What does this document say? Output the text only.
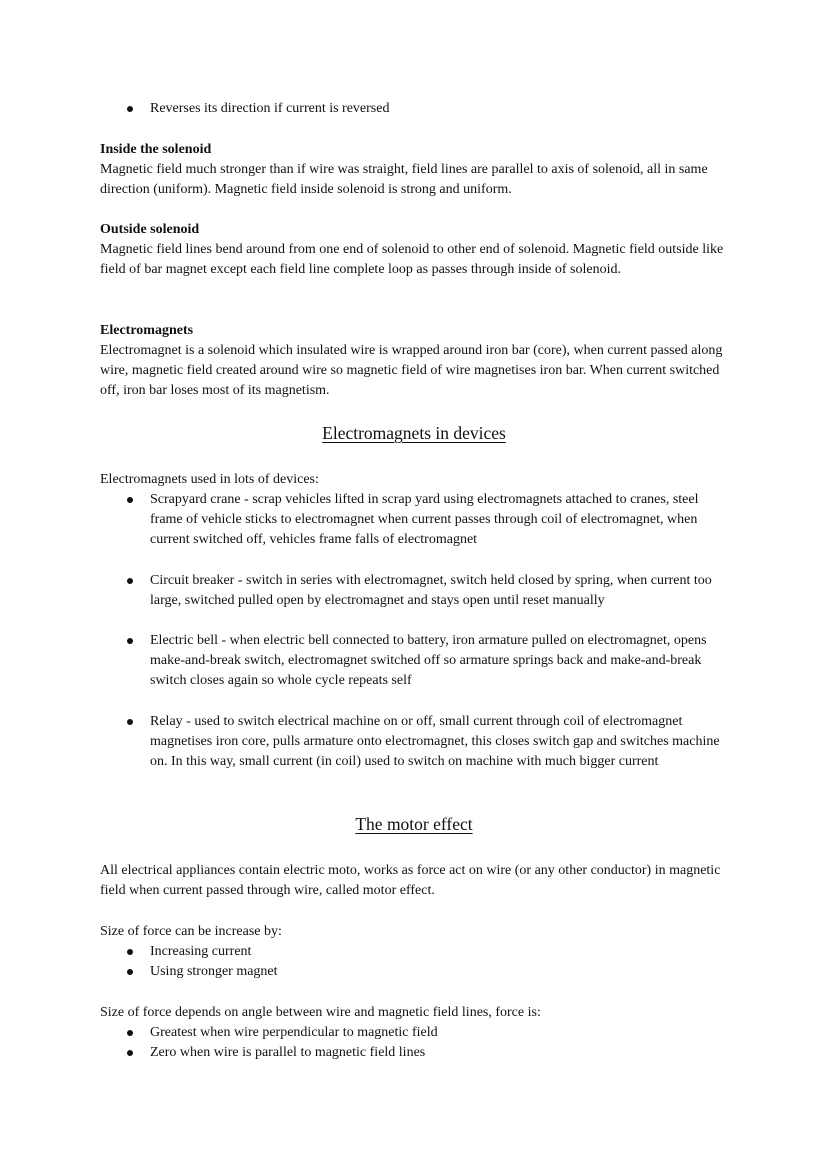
Reverses its direction if current is reversed

Inside the solenoid

Magnetic field much stronger than if wire was straight, field lines are parallel to axis of solenoid, all in same direction (uniform). Magnetic field inside solenoid is strong and uniform.

Outside solenoid

Magnetic field lines bend around from one end of solenoid to other end of solenoid. Magnetic field outside like field of bar magnet except each field line complete loop as passes through inside of solenoid.

Electromagnets

Electromagnet is a solenoid which insulated wire is wrapped around iron bar (core), when current passed along wire, magnetic field created around wire so magnetic field of wire magnetises iron bar. When current switched off, iron bar loses most of its magnetism.

Electromagnets in devices

Electromagnets used in lots of devices:

Scrapyard crane - scrap vehicles lifted in scrap yard using electromagnets attached to cranes, steel frame of vehicle sticks to electromagnet when current passes through coil of electromagnet, when current switched off, vehicles frame falls of electromagnet
Circuit breaker - switch in series with electromagnet, switch held closed by spring, when current too large, switched pulled open by electromagnet and stays open until reset manually
Electric bell - when electric bell connected to battery, iron armature pulled on electromagnet, opens make-and-break switch, electromagnet switched off so armature springs back and make-and-break switch closes again so whole cycle repeats self
Relay - used to switch electrical machine on or off, small current through coil of electromagnet magnetises iron core, pulls armature onto electromagnet, this closes switch gap and switches machine on. In this way, small current (in coil) used to switch on machine with much bigger current
The motor effect

All electrical appliances contain electric moto, works as force act on wire (or any other conductor) in magnetic field when current passed through wire, called motor effect.

Size of force can be increase by:

Increasing current
Using stronger magnet

Size of force depends on angle between wire and magnetic field lines, force is:

Greatest when wire perpendicular to magnetic field
Zero when wire is parallel to magnetic field lines
